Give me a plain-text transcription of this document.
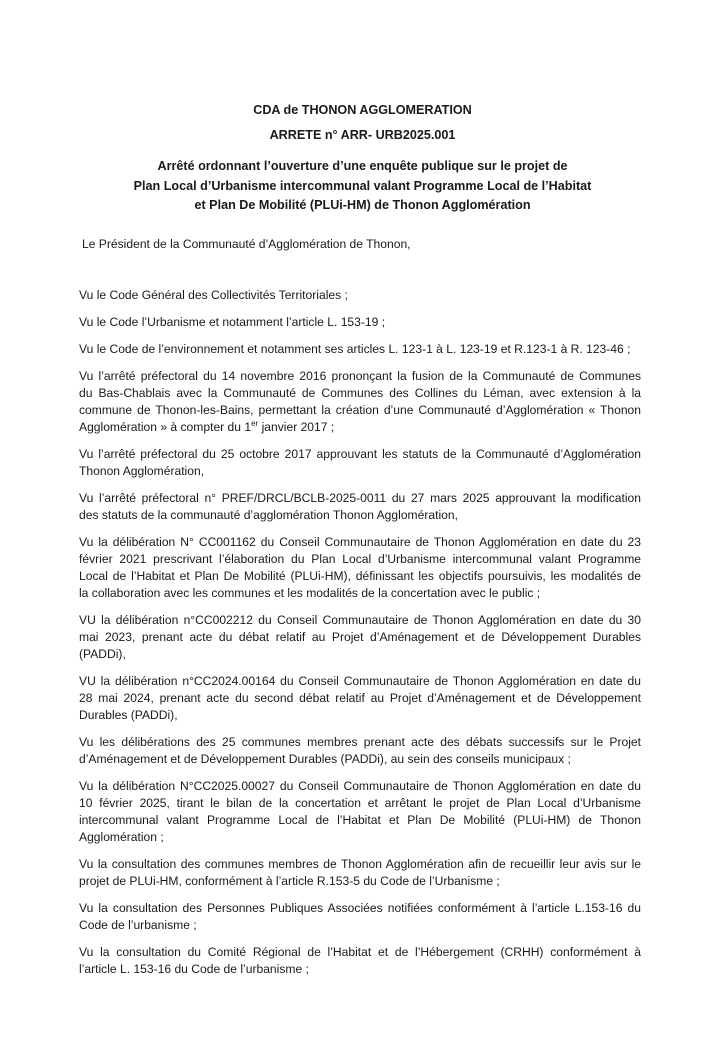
CDA de THONON AGGLOMERATION
ARRETE n° ARR- URB2025.001
Arrêté ordonnant l’ouverture d’une enquête publique sur le projet de
Plan Local d’Urbanisme intercommunal valant Programme Local de l’Habitat
et Plan De Mobilité (PLUi-HM) de Thonon Agglomération
Le Président de la Communauté d’Agglomération de Thonon,
Vu le Code Général des Collectivités Territoriales ;
Vu le Code l’Urbanisme et notamment l’article L. 153-19 ;
Vu le Code de l’environnement et notamment ses articles L. 123-1 à L. 123-19 et R.123-1 à R. 123-46 ;
Vu l’arrêté préfectoral du 14 novembre 2016 prononçant la fusion de la Communauté de Communes
du Bas-Chablais avec la Communauté de Communes des Collines du Léman, avec extension à la
commune de Thonon-les-Bains, permettant la création d’une Communauté d’Agglomération « Thonon
Agglomération » à compter du 1er janvier 2017 ;
Vu l’arrêté préfectoral du 25 octobre 2017 approuvant les statuts de la Communauté d’Agglomération
Thonon Agglomération,
Vu l’arrêté préfectoral n° PREF/DRCL/BCLB-2025-0011 du 27 mars 2025 approuvant la modification
des statuts de la communauté d’agglomération Thonon Agglomération,
Vu la délibération N° CC001162 du Conseil Communautaire de Thonon Agglomération en date du 23
février 2021 prescrivant l’élaboration du Plan Local d’Urbanisme intercommunal valant Programme
Local de l’Habitat et Plan De Mobilité (PLUi-HM), définissant les objectifs poursuivis, les modalités de
la collaboration avec les communes et les modalités de la concertation avec le public ;
VU la délibération n°CC002212 du Conseil Communautaire de Thonon Agglomération en date du 30
mai 2023, prenant acte du débat relatif au Projet d’Aménagement et de Développement Durables
(PADDi),
VU la délibération n°CC2024.00164 du Conseil Communautaire de Thonon Agglomération en date du
28 mai 2024, prenant acte du second débat relatif au Projet d’Aménagement et de Développement
Durables (PADDi),
Vu les délibérations des 25 communes membres prenant acte des débats successifs sur le Projet
d’Aménagement et de Développement Durables (PADDi), au sein des conseils municipaux ;
Vu la délibération N°CC2025.00027 du Conseil Communautaire de Thonon Agglomération en date du
10 février 2025, tirant le bilan de la concertation et arrêtant le projet de Plan Local d’Urbanisme
intercommunal valant Programme Local de l’Habitat et Plan De Mobilité (PLUi-HM) de Thonon
Agglomération ;
Vu la consultation des communes membres de Thonon Agglomération afin de recueillir leur avis sur le
projet de PLUi-HM, conformément à l’article R.153-5 du Code de l’Urbanisme ;
Vu la consultation des Personnes Publiques Associées notifiées conformément à l’article L.153-16 du
Code de l’urbanisme ;
Vu la consultation du Comité Régional de l’Habitat et de l’Hébergement (CRHH) conformément à
l’article L. 153-16 du Code de l’urbanisme ;
